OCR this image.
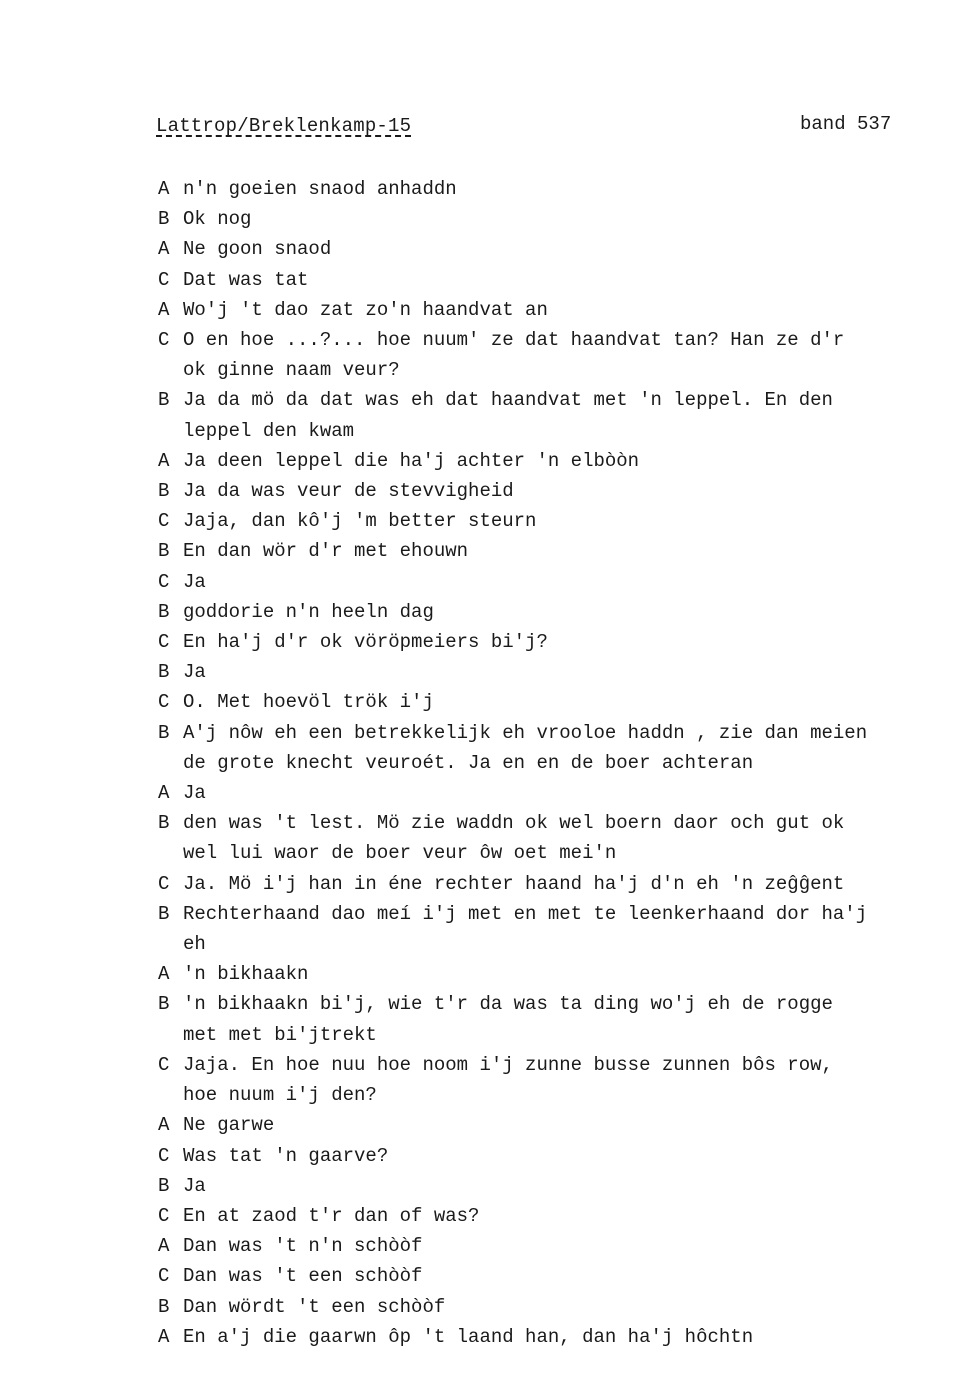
Lattrop/Breklenkamp-15	band 537
A n'n goeien snaod anhaddn
B Ok nog
A Ne goon snaod
C Dat was tat
A Wo'j 't dao zat zo'n haandvat an
C O en hoe ...?... hoe nuum' ze dat haandvat tan? Han ze d'r
ok ginne naam veur?
B Ja da mö da dat was eh dat haandvat met 'n leppel. En den
leppel den kwam
A Ja deen leppel die ha'j achter 'n elbòòn
B Ja da was veur de stevvigheid
C Jaja, dan kô'j 'm better steurn
B En dan wör d'r met ehouwn
C Ja
B goddorie n'n heeln dag
C En ha'j d'r ok vöröpmeiers bi'j?
B Ja
C O. Met hoevöl trök i'j
B A'j nôw eh een betrekkelijk eh vrooloe haddn , zie dan meien
de grote knecht veuroét. Ja en en de boer achteran
A Ja
B den was 't lest. Mö zie waddn ok wel boern daor och gut ok
wel lui waor de boer veur ôw oet mei'n
C Ja. Mö i'j han in éne rechter haand ha'j d'n eh 'n zeĝĝent
B Rechterhaand dao meí i'j met en met te leenkerhaand dor ha'j
eh
A 'n bikhaakn
B 'n bikhaakn bi'j, wie t'r da was ta ding wo'j eh de rogge
met met bi'jtrekt
C Jaja. En hoe nuu hoe noom i'j zunne busse zunnen bôs row,
hoe nuum i'j den?
A Ne garwe
C Was tat 'n gaarve?
B Ja
C En at zaod t'r dan of was?
A Dan was 't n'n schòòf
C Dan was 't een schòòf
B Dan wördt 't een schòòf
A En a'j die gaarwn ôp 't laand han, dan ha'j hôchtn
